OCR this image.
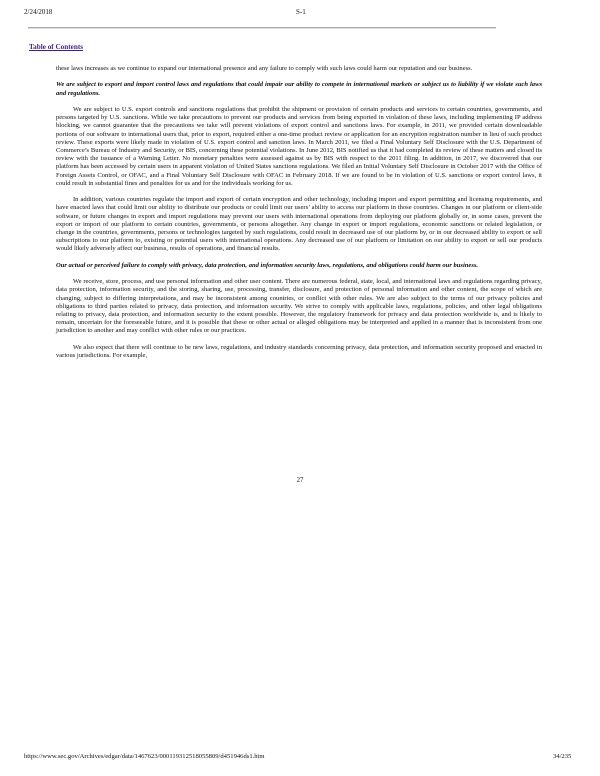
2/24/2018	S-1
Table of Contents

these laws increases as we continue to expand our international presence and any failure to comply with such laws could harm our reputation and our business.

We are subject to export and import control laws and regulations that could impair our ability to compete in international markets or subject us to liability if we violate such laws and regulations.

We are subject to U.S. export controls and sanctions regulations that prohibit the shipment or provision of certain products and services to certain countries, governments, and persons targeted by U.S. sanctions. While we take precautions to prevent our products and services from being exported in violation of these laws, including implementing IP address blocking, we cannot guarantee that the precautions we take will prevent violations of export control and sanctions laws. For example, in 2011, we provided certain downloadable portions of our software to international users that, prior to export, required either a one-time product review or application for an encryption registration number in lieu of such product review. These exports were likely made in violation of U.S. export control and sanction laws. In March 2011, we filed a Final Voluntary Self Disclosure with the U.S. Department of Commerce’s Bureau of Industry and Security, or BIS, concerning these potential violations. In June 2012, BIS notified us that it had completed its review of these matters and closed its review with the issuance of a Warning Letter. No monetary penalties were assessed against us by BIS with respect to the 2011 filing. In addition, in 2017, we discovered that our platform has been accessed by certain users in apparent violation of United States sanctions regulations. We filed an Initial Voluntary Self Disclosure in October 2017 with the Office of Foreign Assets Control, or OFAC, and a Final Voluntary Self Disclosure with OFAC in February 2018. If we are found to be in violation of U.S. sanctions or export control laws, it could result in substantial fines and penalties for us and for the individuals working for us.

In addition, various countries regulate the import and export of certain encryption and other technology, including import and export permitting and licensing requirements, and have enacted laws that could limit our ability to distribute our products or could limit our users’ ability to access our platform in those countries. Changes in our platform or client-side software, or future changes in export and import regulations may prevent our users with international operations from deploying our platform globally or, in some cases, prevent the export or import of our platform to certain countries, governments, or persons altogether. Any change in export or import regulations, economic sanctions or related legislation, or change in the countries, governments, persons or technologies targeted by such regulations, could result in decreased use of our platform by, or in our decreased ability to export or sell subscriptions to our platform to, existing or potential users with international operations. Any decreased use of our platform or limitation on our ability to export or sell our products would likely adversely affect our business, results of operations, and financial results.

Our actual or perceived failure to comply with privacy, data protection, and information security laws, regulations, and obligations could harm our business.

We receive, store, process, and use personal information and other user content. There are numerous federal, state, local, and international laws and regulations regarding privacy, data protection, information security, and the storing, sharing, use, processing, transfer, disclosure, and protection of personal information and other content, the scope of which are changing, subject to differing interpretations, and may be inconsistent among countries, or conflict with other rules. We are also subject to the terms of our privacy policies and obligations to third parties related to privacy, data protection, and information security. We strive to comply with applicable laws, regulations, policies, and other legal obligations relating to privacy, data protection, and information security to the extent possible. However, the regulatory framework for privacy and data protection worldwide is, and is likely to remain, uncertain for the foreseeable future, and it is possible that these or other actual or alleged obligations may be interpreted and applied in a manner that is inconsistent from one jurisdiction to another and may conflict with other rules or our practices.

We also expect that there will continue to be new laws, regulations, and industry standards concerning privacy, data protection, and information security proposed and enacted in various jurisdictions. For example,

27
https://www.sec.gov/Archives/edgar/data/1467623/000119312518055809/d451946ds1.htm	34/235
